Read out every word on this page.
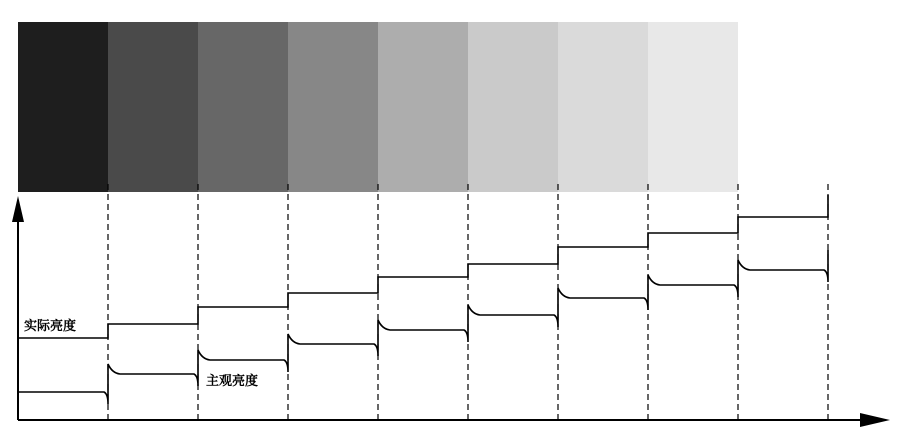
实际亮度
主观亮度
